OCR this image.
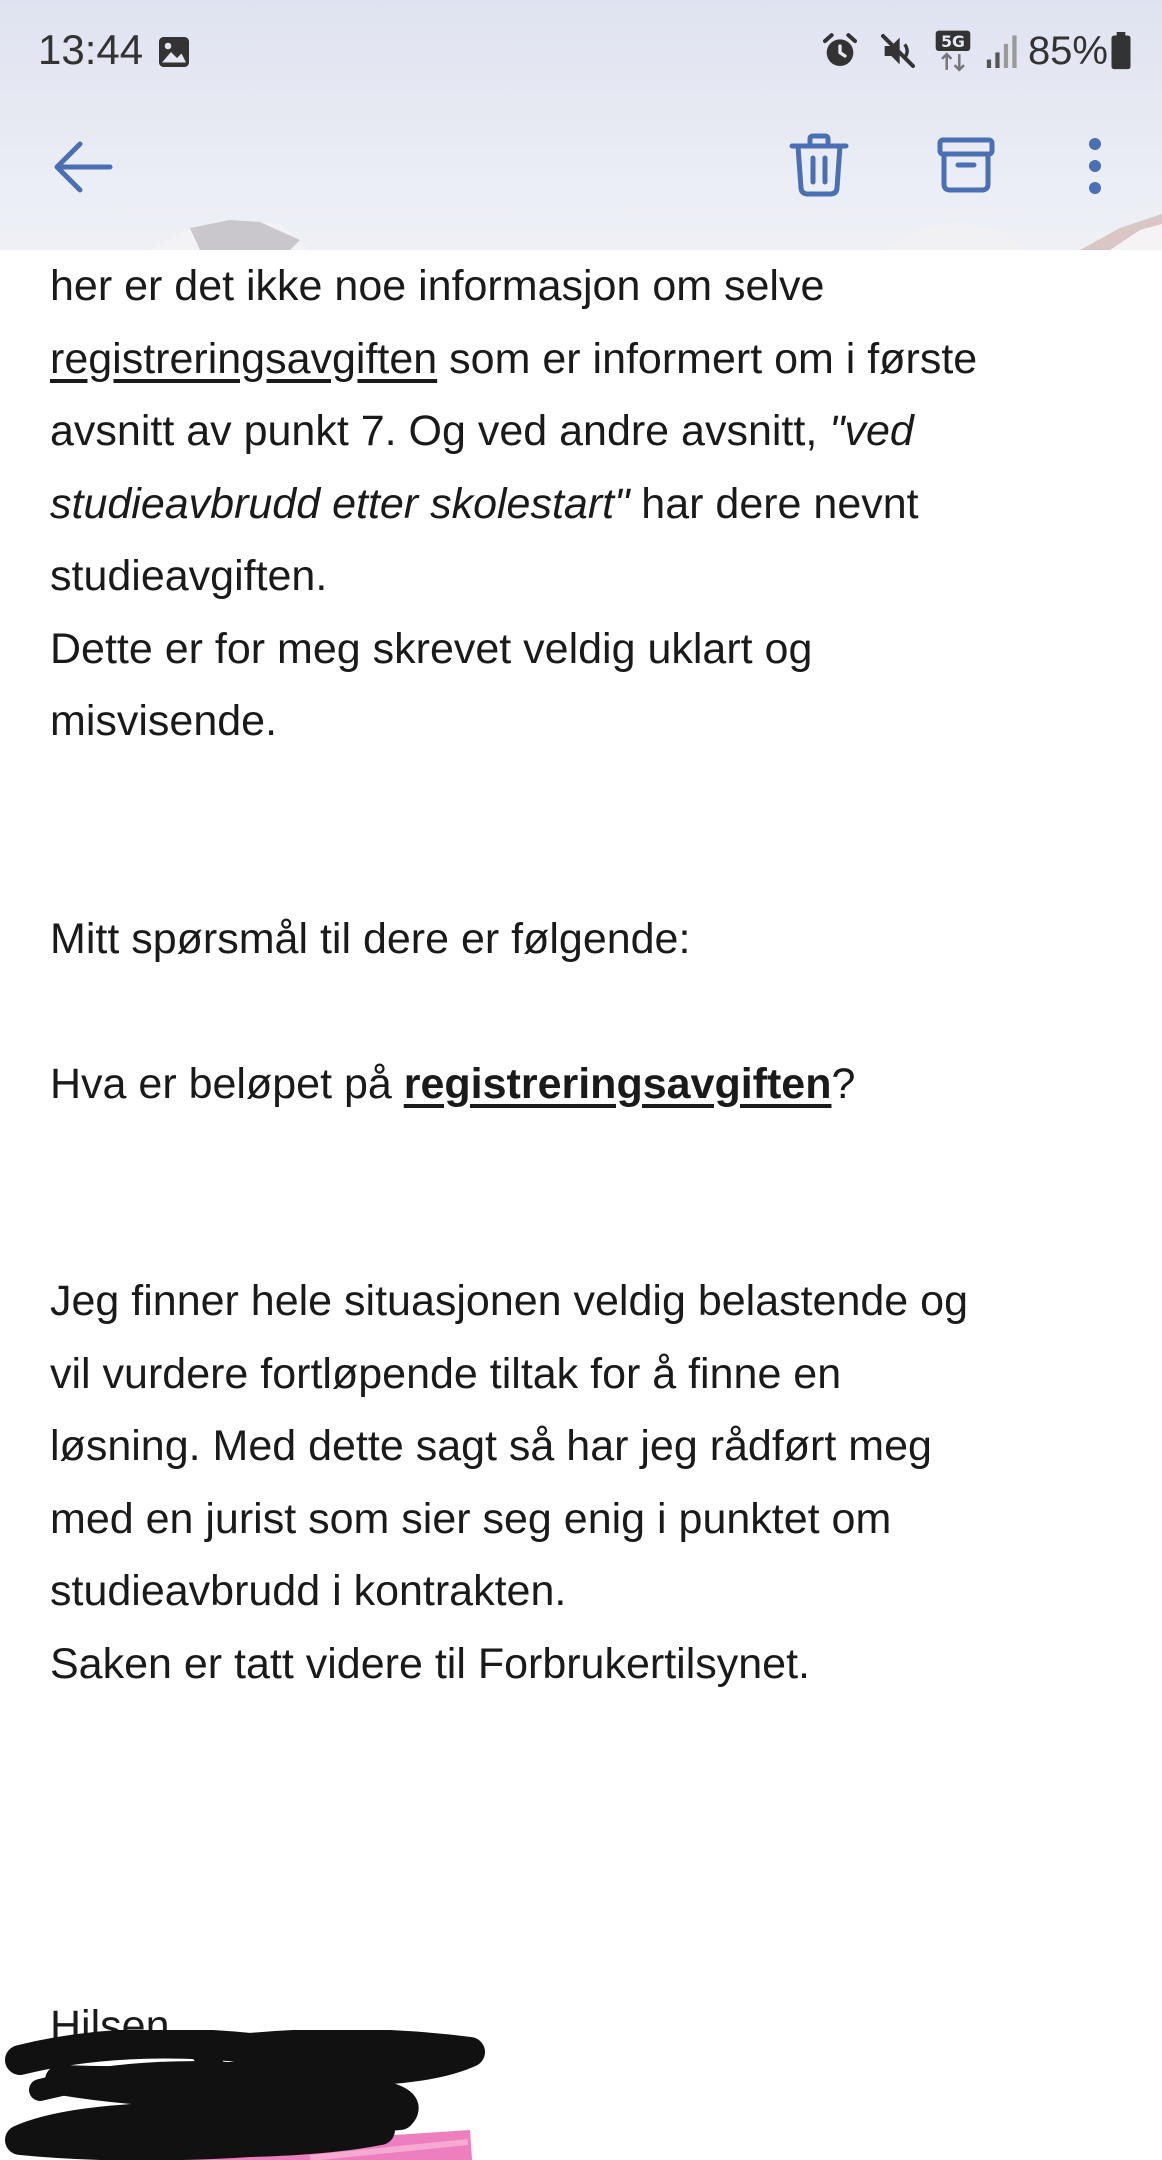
13:44	5G 85%
her er det ikke noe informasjon om selve
registreringsavgiften som er informert om i første
avsnitt av punkt 7. Og ved andre avsnitt, "ved
studieavbrudd etter skolestart" har dere nevnt
studieavgiften.
Dette er for meg skrevet veldig uklart og
misvisende.
Mitt spørsmål til dere er følgende:
Hva er beløpet på registreringsavgiften?
Jeg finner hele situasjonen veldig belastende og
vil vurdere fortløpende tiltak for å finne en
løsning. Med dette sagt så har jeg rådført meg
med en jurist som sier seg enig i punktet om
studieavbrudd i kontrakten.
Saken er tatt videre til Forbrukertilsynet.
Hilsen,
